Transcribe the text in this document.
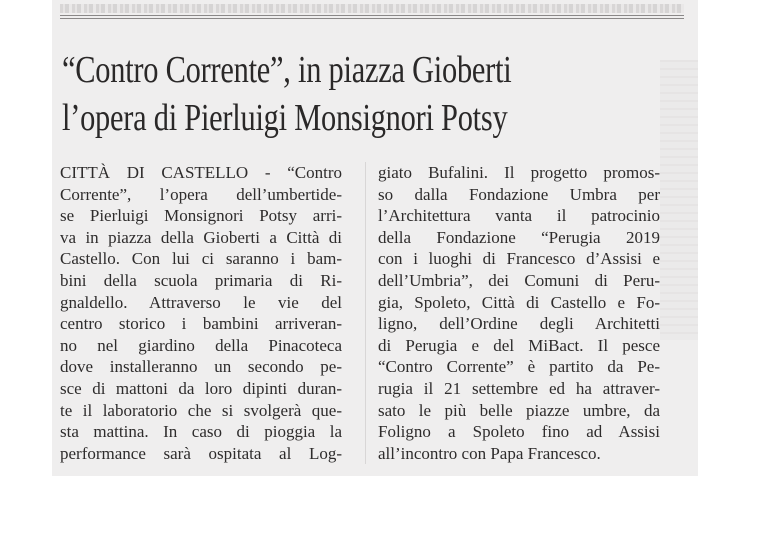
“Contro Corrente”, in piazza Gioberti
l’opera di Pierluigi Monsignori Potsy
CITTÀ DI CASTELLO - “Contro
Corrente”, l’opera dell’umbertide-
se Pierluigi Monsignori Potsy arri-
va in piazza della Gioberti a Città di
Castello. Con lui ci saranno i bam-
bini della scuola primaria di Ri-
gnaldello. Attraverso le vie del
centro storico i bambini arriveran-
no nel giardino della Pinacoteca
dove installeranno un secondo pe-
sce di mattoni da loro dipinti duran-
te il laboratorio che si svolgerà que-
sta mattina. In caso di pioggia la
performance sarà ospitata al Log-
giato Bufalini. Il progetto promos-
so dalla Fondazione Umbra per
l’Architettura vanta il patrocinio
della Fondazione “Perugia 2019
con i luoghi di Francesco d’Assisi e
dell’Umbria”, dei Comuni di Peru-
gia, Spoleto, Città di Castello e Fo-
ligno, dell’Ordine degli Architetti
di Perugia e del MiBact. Il pesce
“Contro Corrente” è partito da Pe-
rugia il 21 settembre ed ha attraver-
sato le più belle piazze umbre, da
Foligno a Spoleto fino ad Assisi
all’incontro con Papa Francesco.
